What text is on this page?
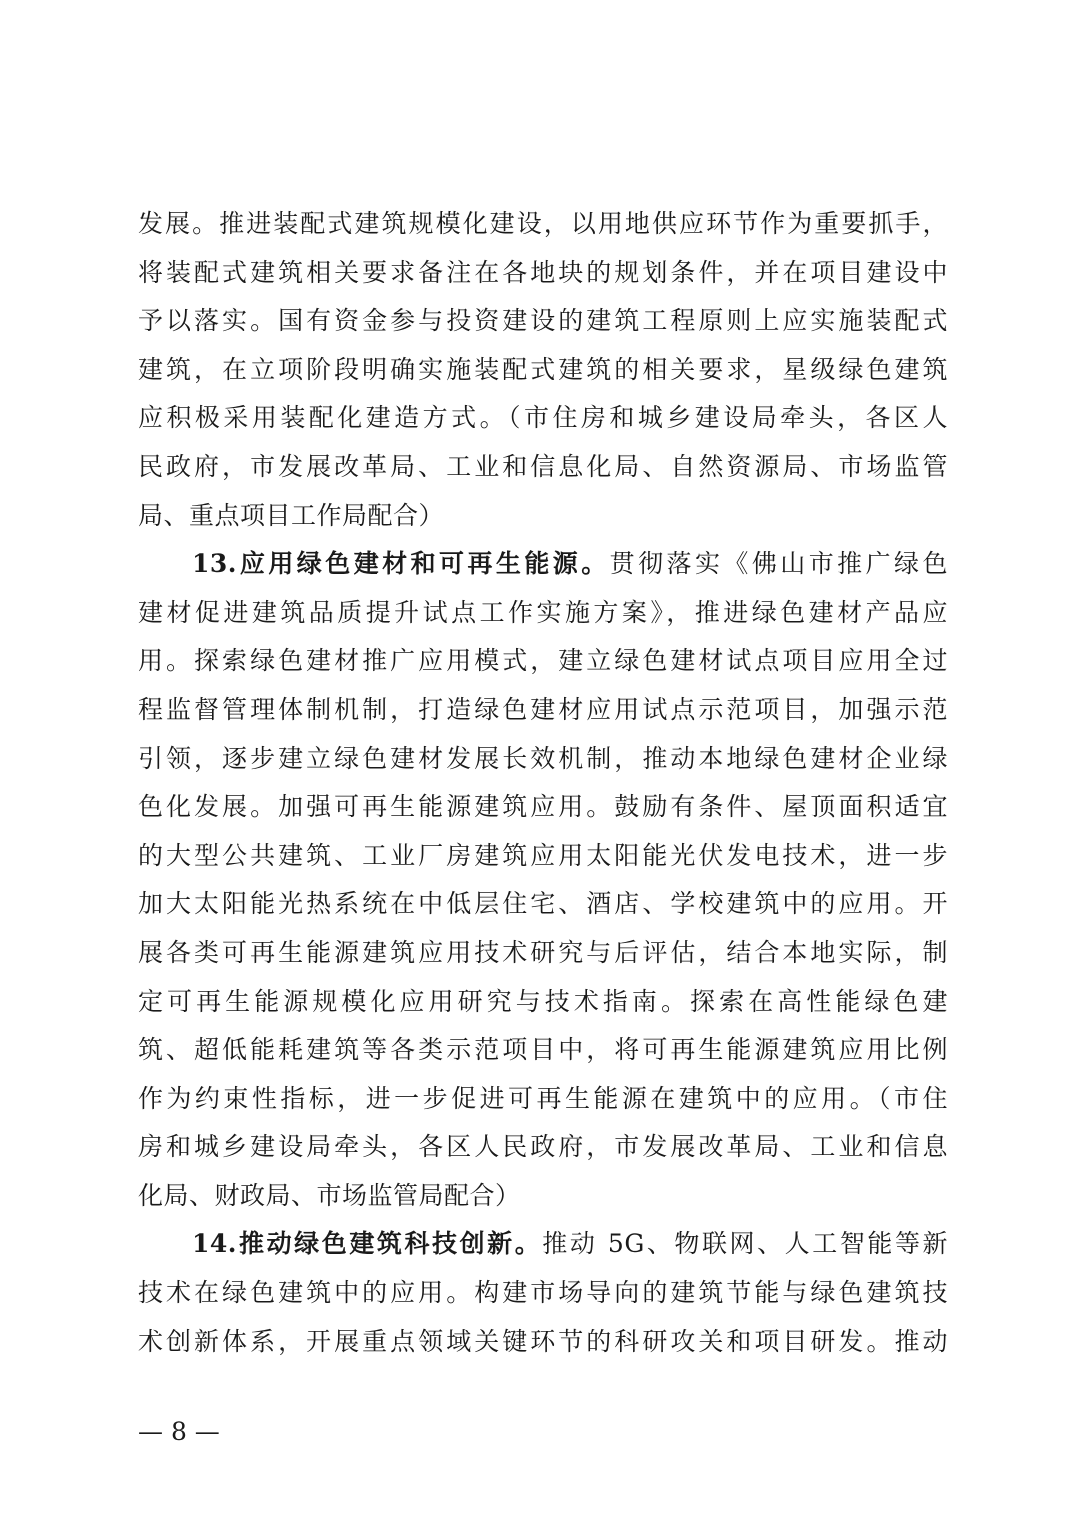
发展。推进装配式建筑规模化建设，以用地供应环节作为重要抓手，
将装配式建筑相关要求备注在各地块的规划条件，并在项目建设中
予以落实。国有资金参与投资建设的建筑工程原则上应实施装配式
建筑，在立项阶段明确实施装配式建筑的相关要求，星级绿色建筑
应积极采用装配化建造方式。（市住房和城乡建设局牵头，各区人
民政府，市发展改革局、工业和信息化局、自然资源局、市场监管
局、重点项目工作局配合）
13.应用绿色建材和可再生能源。贯彻落实《佛山市推广绿色
建材促进建筑品质提升试点工作实施方案》，推进绿色建材产品应
用。探索绿色建材推广应用模式，建立绿色建材试点项目应用全过
程监督管理体制机制，打造绿色建材应用试点示范项目，加强示范
引领，逐步建立绿色建材发展长效机制，推动本地绿色建材企业绿
色化发展。加强可再生能源建筑应用。鼓励有条件、屋顶面积适宜
的大型公共建筑、工业厂房建筑应用太阳能光伏发电技术，进一步
加大太阳能光热系统在中低层住宅、酒店、学校建筑中的应用。开
展各类可再生能源建筑应用技术研究与后评估，结合本地实际，制
定可再生能源规模化应用研究与技术指南。探索在高性能绿色建
筑、超低能耗建筑等各类示范项目中，将可再生能源建筑应用比例
作为约束性指标，进一步促进可再生能源在建筑中的应用。（市住
房和城乡建设局牵头，各区人民政府，市发展改革局、工业和信息
化局、财政局、市场监管局配合）
14.推动绿色建筑科技创新。推动 5G、物联网、人工智能等新
技术在绿色建筑中的应用。构建市场导向的建筑节能与绿色建筑技
术创新体系，开展重点领域关键环节的科研攻关和项目研发。推动
— 8 —
